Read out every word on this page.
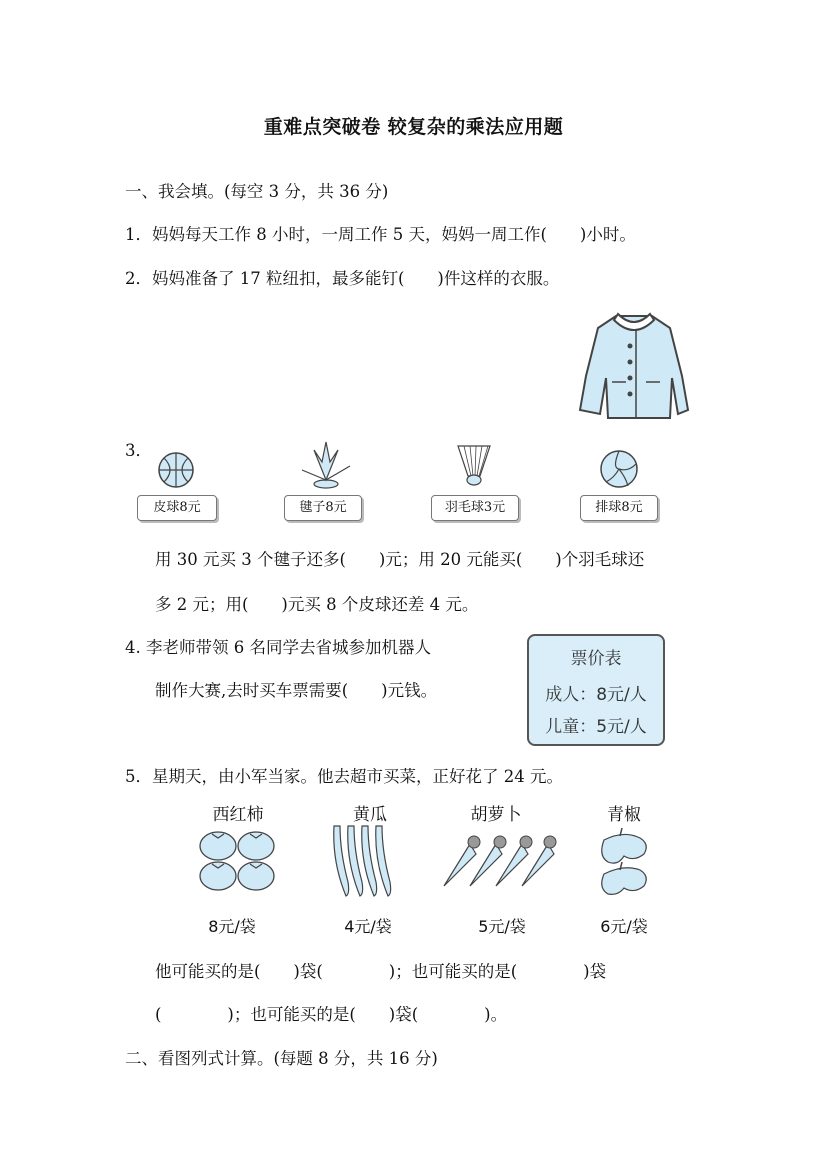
重难点突破卷 较复杂的乘法应用题
一、我会填。(每空 3 分，共 36 分)
1．妈妈每天工作 8 小时，一周工作 5 天，妈妈一周工作(　　)小时。
2．妈妈准备了 17 粒纽扣，最多能钉(　　)件这样的衣服。
3．
皮球8元	毽子8元	羽毛球3元	排球8元
用 30 元买 3 个毽子还多(　　)元；用 20 元能买(　　)个羽毛球还
多 2 元；用(　　)元买 8 个皮球还差 4 元。
4. 李老师带领 6 名同学去省城参加机器人
制作大赛,去时买车票需要(　　)元钱。
票价表
成人：8元/人
儿童：5元/人
5．星期天，由小军当家。他去超市买菜，正好花了 24 元。
西红柿	黄瓜	胡萝卜	青椒
8元/袋	4元/袋	5元/袋	6元/袋
他可能买的是(　　)袋(　　　　)；也可能买的是(　　　　)袋
(　　　　)；也可能买的是(　　)袋(　　　　)。
二、看图列式计算。(每题 8 分，共 16 分)
